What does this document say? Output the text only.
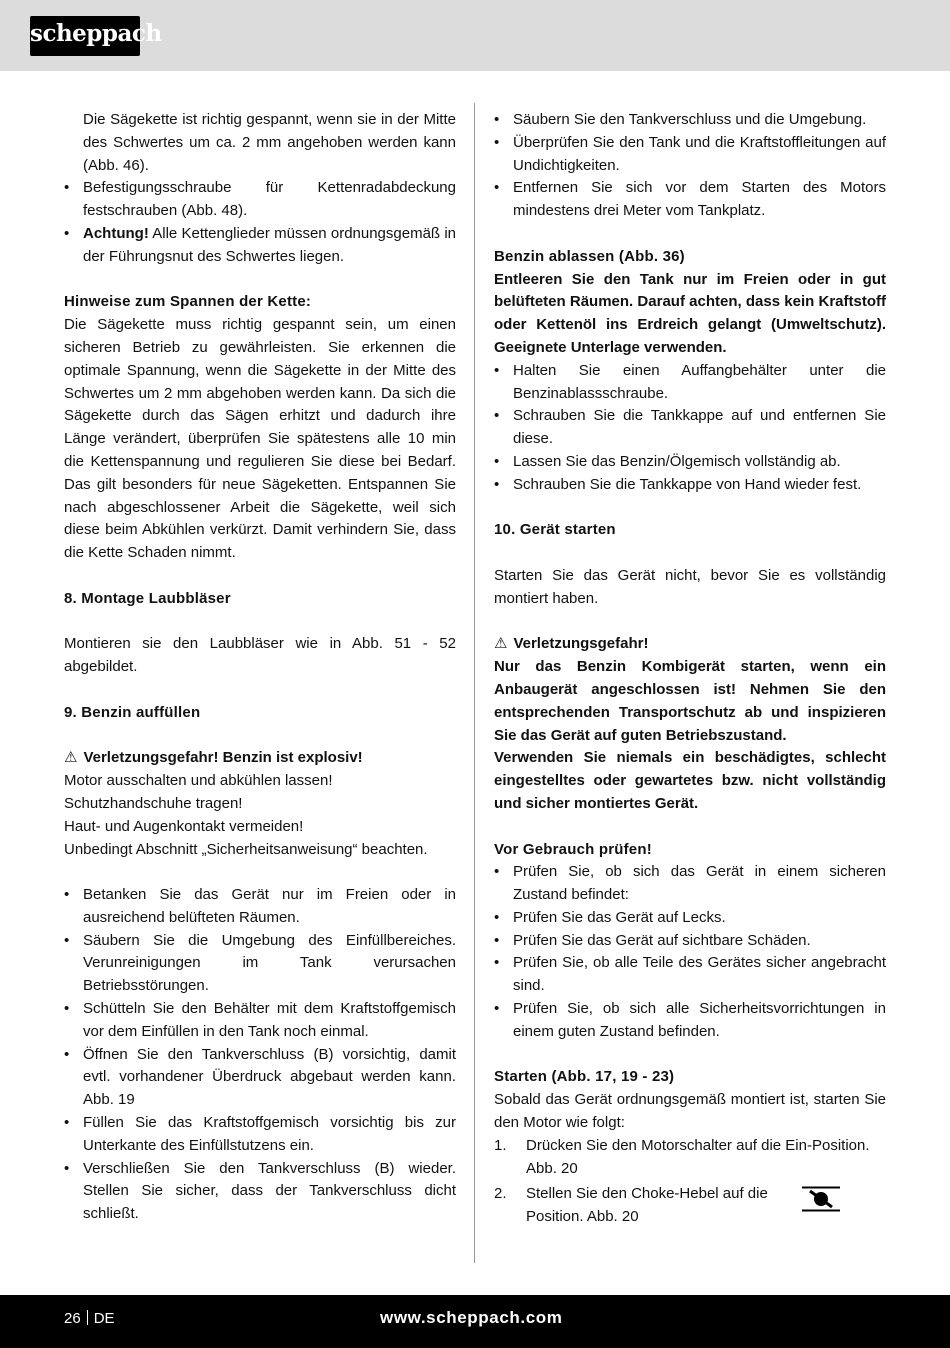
scheppach

Die Sägekette ist richtig gespannt, wenn sie in der Mitte des Schwertes um ca. 2 mm angehoben werden kann (Abb. 46).

• Befestigungsschraube für Kettenradabdeckung festschrauben (Abb. 48).
• Achtung! Alle Kettenglieder müssen ordnungsgemäß in der Führungsnut des Schwertes liegen.

Hinweise zum Spannen der Kette:

Die Sägekette muss richtig gespannt sein, um einen sicheren Betrieb zu gewährleisten. Sie erkennen die optimale Spannung, wenn die Sägekette in der Mitte des Schwertes um 2 mm abgehoben werden kann. Da sich die Sägekette durch das Sägen erhitzt und dadurch ihre Länge verändert, überprüfen Sie spätestens alle 10 min die Kettenspannung und regulieren Sie diese bei Bedarf. Das gilt besonders für neue Sägeketten. Entspannen Sie nach abgeschlossener Arbeit die Sägekette, weil sich diese beim Abkühlen verkürzt. Damit verhindern Sie, dass die Kette Schaden nimmt.

8. Montage Laubbläser

Montieren sie den Laubbläser wie in Abb. 51 - 52 abgebildet.

9. Benzin auffüllen

⚠ Verletzungsgefahr! Benzin ist explosiv!

Motor ausschalten und abkühlen lassen!

Schutzhandschuhe tragen!

Haut- und Augenkontakt vermeiden!

Unbedingt Abschnitt „Sicherheitsanweisung“ beachten.

• Betanken Sie das Gerät nur im Freien oder in ausreichend belüfteten Räumen.
• Säubern Sie die Umgebung des Einfüllbereiches. Verunreinigungen im Tank verursachen Betriebsstörungen.
• Schütteln Sie den Behälter mit dem Kraftstoffgemisch vor dem Einfüllen in den Tank noch einmal.
• Öffnen Sie den Tankverschluss (B) vorsichtig, damit evtl. vorhandener Überdruck abgebaut werden kann. Abb. 19
• Füllen Sie das Kraftstoffgemisch vorsichtig bis zur Unterkante des Einfüllstutzens ein.
• Verschließen Sie den Tankverschluss (B) wieder. Stellen Sie sicher, dass der Tankverschluss dicht schließt.
• Säubern Sie den Tankverschluss und die Umgebung.
• Überprüfen Sie den Tank und die Kraftstoffleitungen auf Undichtigkeiten.
• Entfernen Sie sich vor dem Starten des Motors mindestens drei Meter vom Tankplatz.

Benzin ablassen (Abb. 36)

Entleeren Sie den Tank nur im Freien oder in gut belüfteten Räumen. Darauf achten, dass kein Kraftstoff oder Kettenöl ins Erdreich gelangt (Umweltschutz). Geeignete Unterlage verwenden.

• Halten Sie einen Auffangbehälter unter die Benzinablassschraube.
• Schrauben Sie die Tankkappe auf und entfernen Sie diese.
• Lassen Sie das Benzin/Ölgemisch vollständig ab.
• Schrauben Sie die Tankkappe von Hand wieder fest.

10. Gerät starten

Starten Sie das Gerät nicht, bevor Sie es vollständig montiert haben.

⚠ Verletzungsgefahr!

Nur das Benzin Kombigerät starten, wenn ein Anbaugerät angeschlossen ist! Nehmen Sie den entsprechenden Transportschutz ab und inspizieren Sie das Gerät auf guten Betriebszustand.

Verwenden Sie niemals ein beschädigtes, schlecht eingestelltes oder gewartetes bzw. nicht vollständig und sicher montiertes Gerät.

Vor Gebrauch prüfen!

• Prüfen Sie, ob sich das Gerät in einem sicheren Zustand befindet:
• Prüfen Sie das Gerät auf Lecks.
• Prüfen Sie das Gerät auf sichtbare Schäden.
• Prüfen Sie, ob alle Teile des Gerätes sicher angebracht sind.
• Prüfen Sie, ob sich alle Sicherheitsvorrichtungen in einem guten Zustand befinden.

Starten (Abb. 17, 19 - 23)

Sobald das Gerät ordnungsgemäß montiert ist, starten Sie den Motor wie folgt:

1. Drücken Sie den Motorschalter auf die Ein-Position. Abb. 20
2. Stellen Sie den Choke-Hebel auf die
Position. Abb. 20
26 DE	www.scheppach.com
